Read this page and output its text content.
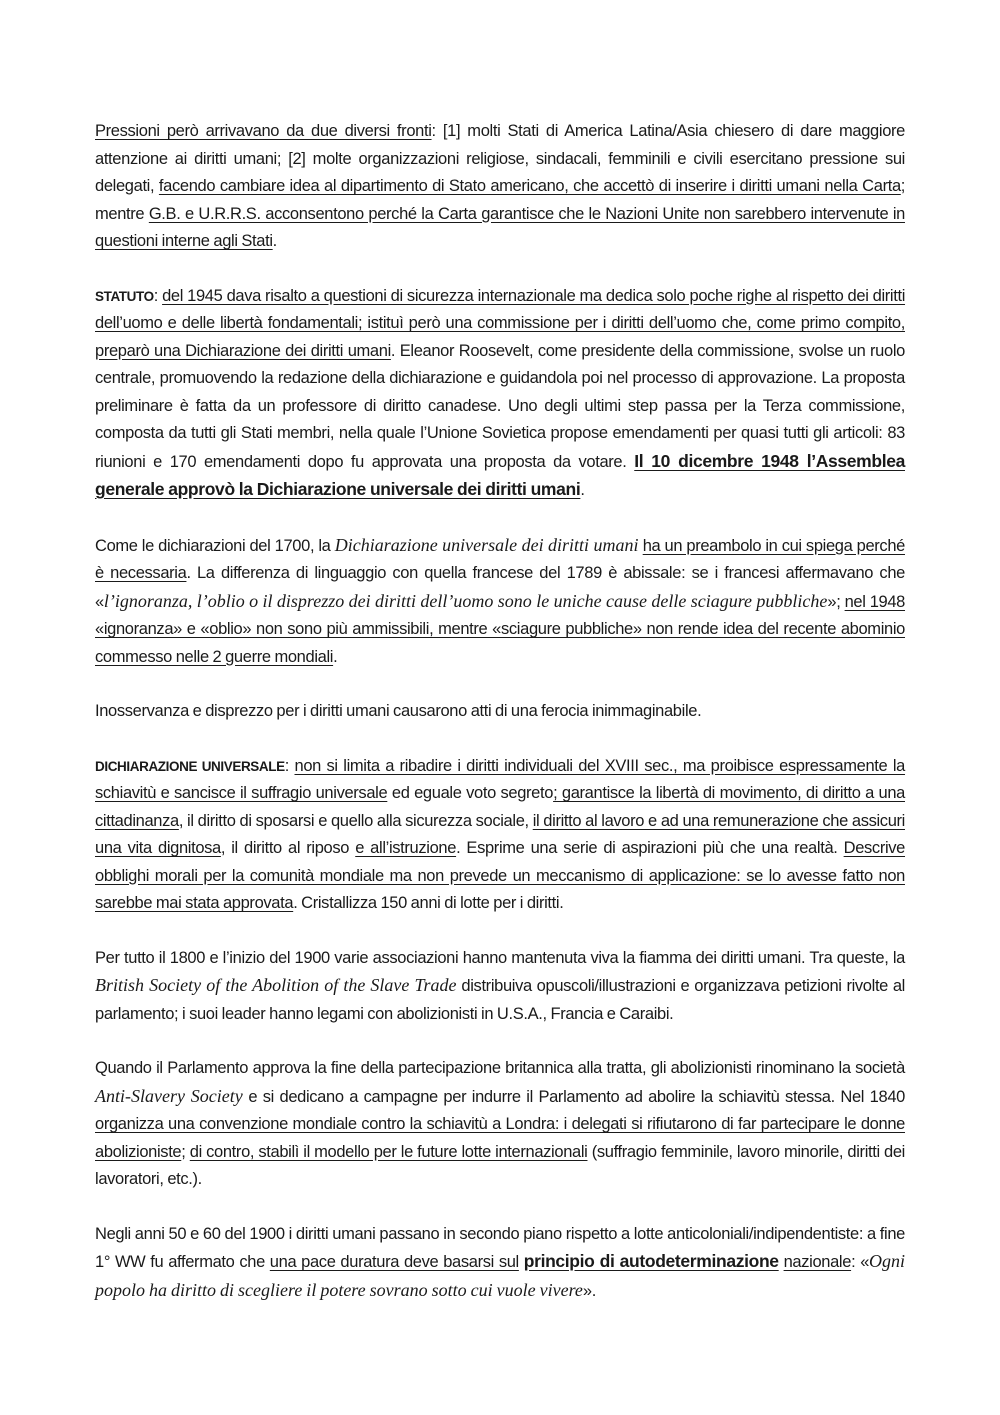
Pressioni però arrivavano da due diversi fronti: [1] molti Stati di America Latina/Asia chiesero di dare maggiore attenzione ai diritti umani; [2] molte organizzazioni religiose, sindacali, femminili e civili esercitano pressione sui delegati, facendo cambiare idea al dipartimento di Stato americano, che accettò di inserire i diritti umani nella Carta; mentre G.B. e U.R.R.S. acconsentono perché la Carta garantisce che le Nazioni Unite non sarebbero intervenute in questioni interne agli Stati.

STATUTO: del 1945 dava risalto a questioni di sicurezza internazionale ma dedica solo poche righe al rispetto dei diritti dell’uomo e delle libertà fondamentali; istituì però una commissione per i diritti dell’uomo che, come primo compito, preparò una Dichiarazione dei diritti umani. Eleanor Roosevelt, come presidente della commissione, svolse un ruolo centrale, promuovendo la redazione della dichiarazione e guidandola poi nel processo di approvazione. La proposta preliminare è fatta da un professore di diritto canadese. Uno degli ultimi step passa per la Terza commissione, composta da tutti gli Stati membri, nella quale l’Unione Sovietica propose emendamenti per quasi tutti gli articoli: 83 riunioni e 170 emendamenti dopo fu approvata una proposta da votare. Il 10 dicembre 1948 l’Assemblea generale approvò la Dichiarazione universale dei diritti umani.

Come le dichiarazioni del 1700, la Dichiarazione universale dei diritti umani ha un preambolo in cui spiega perché è necessaria. La differenza di linguaggio con quella francese del 1789 è abissale: se i francesi affermavano che «l’ignoranza, l’oblio o il disprezzo dei diritti dell’uomo sono le uniche cause delle sciagure pubbliche»; nel 1948 «ignoranza» e «oblio» non sono più ammissibili, mentre «sciagure pubbliche» non rende idea del recente abominio commesso nelle 2 guerre mondiali.

Inosservanza e disprezzo per i diritti umani causarono atti di una ferocia inimmaginabile.

DICHIARAZIONE UNIVERSALE: non si limita a ribadire i diritti individuali del XVIII sec., ma proibisce espressamente la schiavitù e sancisce il suffragio universale ed eguale voto segreto; garantisce la libertà di movimento, di diritto a una cittadinanza, il diritto di sposarsi e quello alla sicurezza sociale, il diritto al lavoro e ad una remunerazione che assicuri una vita dignitosa, il diritto al riposo e all’istruzione. Esprime una serie di aspirazioni più che una realtà. Descrive obblighi morali per la comunità mondiale ma non prevede un meccanismo di applicazione: se lo avesse fatto non sarebbe mai stata approvata. Cristallizza 150 anni di lotte per i diritti.

Per tutto il 1800 e l’inizio del 1900 varie associazioni hanno mantenuta viva la fiamma dei diritti umani. Tra queste, la British Society of the Abolition of the Slave Trade distribuiva opuscoli/illustrazioni e organizzava petizioni rivolte al parlamento; i suoi leader hanno legami con abolizionisti in U.S.A., Francia e Caraibi.

Quando il Parlamento approva la fine della partecipazione britannica alla tratta, gli abolizionisti rinominano la società Anti-Slavery Society e si dedicano a campagne per indurre il Parlamento ad abolire la schiavitù stessa. Nel 1840 organizza una convenzione mondiale contro la schiavitù a Londra: i delegati si rifiutarono di far partecipare le donne abolizioniste; di contro, stabilì il modello per le future lotte internazionali (suffragio femminile, lavoro minorile, diritti dei lavoratori, etc.).

Negli anni 50 e 60 del 1900 i diritti umani passano in secondo piano rispetto a lotte anticoloniali/indipendentiste: a fine 1° WW fu affermato che una pace duratura deve basarsi sul principio di autodeterminazione nazionale: «Ogni popolo ha diritto di scegliere il potere sovrano sotto cui vuole vivere».
